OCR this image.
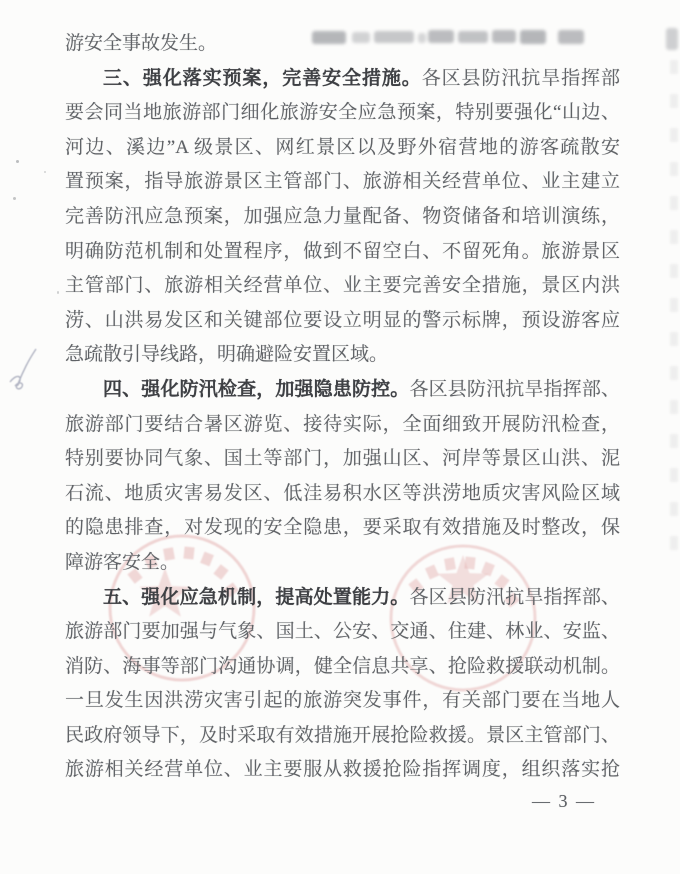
游安全事故发生。
三、强化落实预案，完善安全措施。各区县防汛抗旱指挥部
要会同当地旅游部门细化旅游安全应急预案，特别要强化“山边、
河边、溪边”A 级景区、网红景区以及野外宿营地的游客疏散安
置预案，指导旅游景区主管部门、旅游相关经营单位、业主建立
完善防汛应急预案，加强应急力量配备、物资储备和培训演练，
明确防范机制和处置程序，做到不留空白、不留死角。旅游景区
主管部门、旅游相关经营单位、业主要完善安全措施，景区内洪
涝、山洪易发区和关键部位要设立明显的警示标牌，预设游客应
急疏散引导线路，明确避险安置区域。
四、强化防汛检查，加强隐患防控。各区县防汛抗旱指挥部、
旅游部门要结合暑区游览、接待实际，全面细致开展防汛检查，
特别要协同气象、国土等部门，加强山区、河岸等景区山洪、泥
石流、地质灾害易发区、低洼易积水区等洪涝地质灾害风险区域
的隐患排查，对发现的安全隐患，要采取有效措施及时整改，保
障游客安全。
五、强化应急机制，提高处置能力。各区县防汛抗旱指挥部、
旅游部门要加强与气象、国土、公安、交通、住建、林业、安监、
消防、海事等部门沟通协调，健全信息共享、抢险救援联动机制。
一旦发生因洪涝灾害引起的旅游突发事件，有关部门要在当地人
民政府领导下，及时采取有效措施开展抢险救援。景区主管部门、
旅游相关经营单位、业主要服从救援抢险指挥调度，组织落实抢
— 3 —
